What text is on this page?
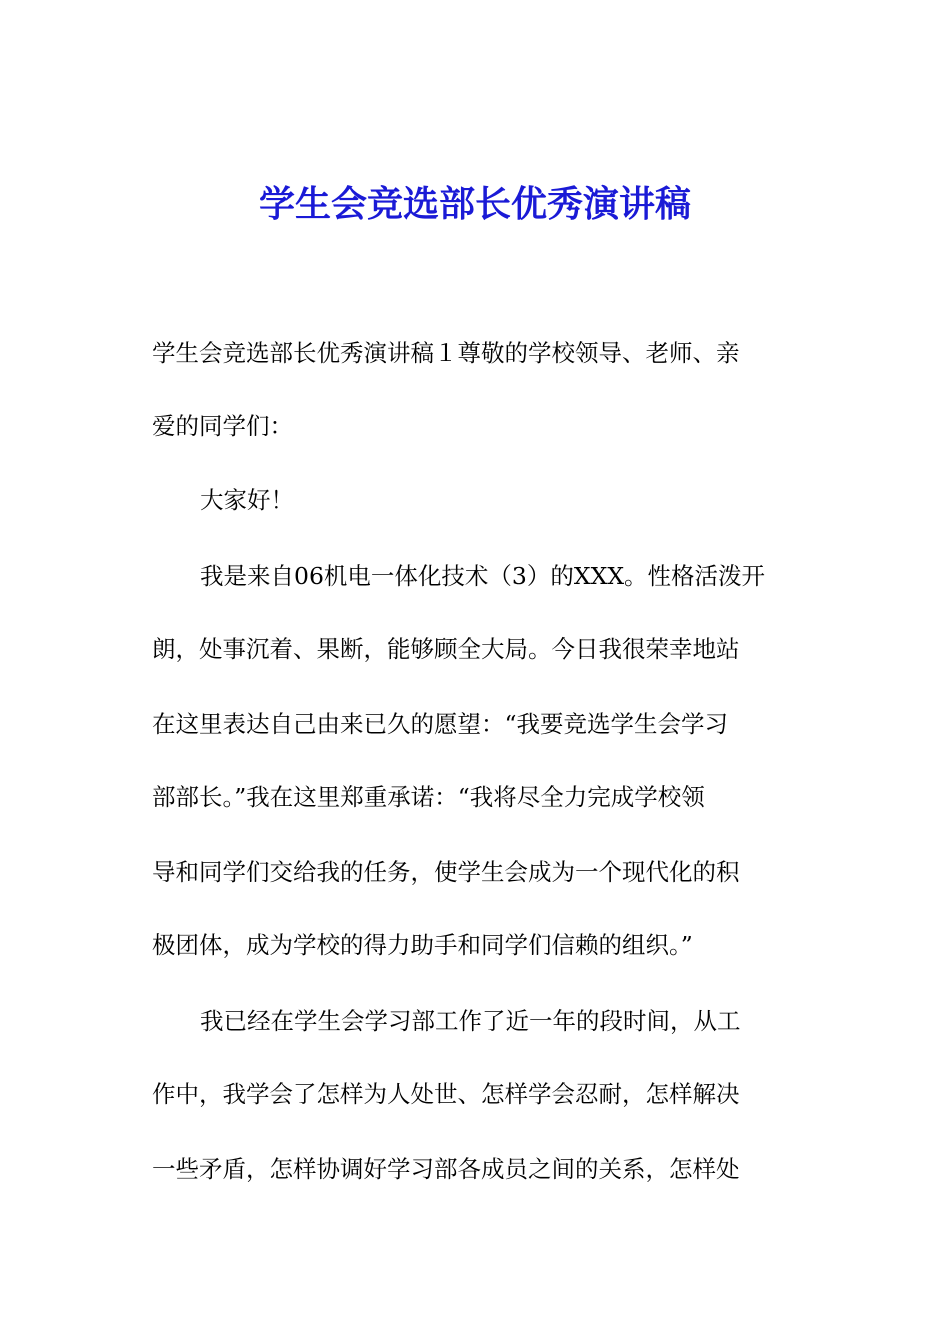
学生会竞选部长优秀演讲稿

学生会竞选部长优秀演讲稿１尊敬的学校领导、老师、亲

爱的同学们：

大家好！

我是来自06机电一体化技术（3）的XXX。性格活泼开

朗，处事沉着、果断，能够顾全大局。今日我很荣幸地站

在这里表达自己由来已久的愿望：“我要竞选学生会学习

部部长。”我在这里郑重承诺：“我将尽全力完成学校领

导和同学们交给我的任务，使学生会成为一个现代化的积

极团体，成为学校的得力助手和同学们信赖的组织。”

我已经在学生会学习部工作了近一年的段时间，从工

作中，我学会了怎样为人处世、怎样学会忍耐，怎样解决

一些矛盾，怎样协调好学习部各成员之间的关系，怎样处
